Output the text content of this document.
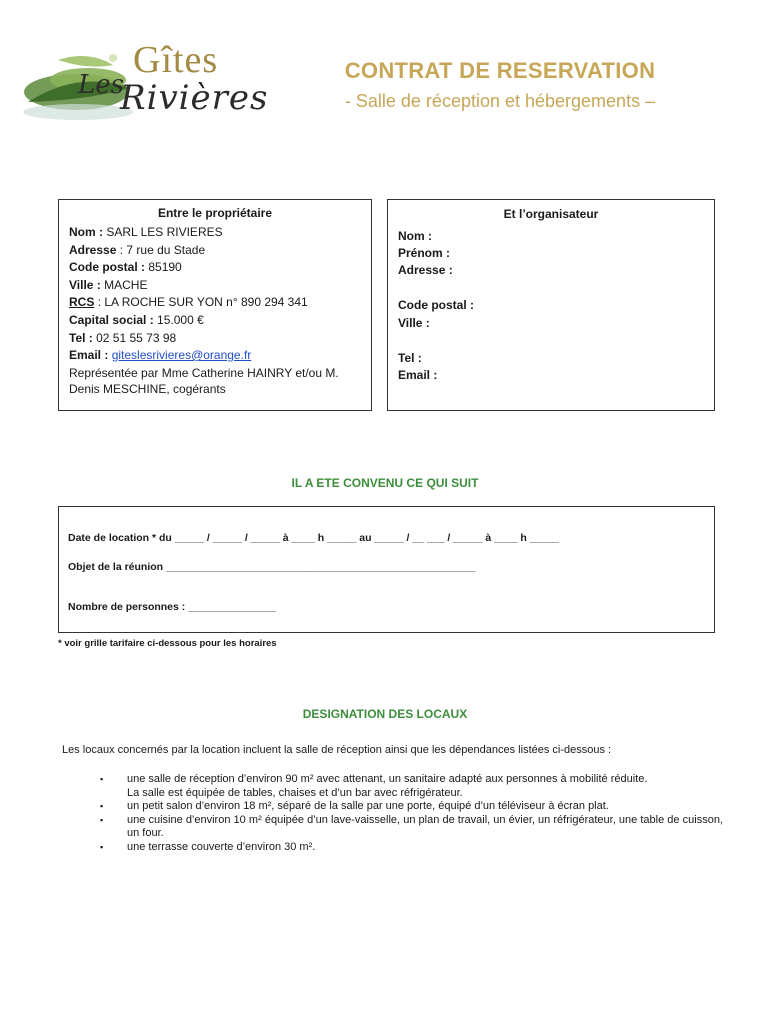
Gîtes
Les
Rivières
CONTRAT DE RESERVATION
- Salle de réception et hébergements –
Entre le propriétaire
Nom : SARL LES RIVIERES
Adresse : 7 rue du Stade
Code postal : 85190
Ville : MACHE
RCS : LA ROCHE SUR YON n° 890 294 341
Capital social : 15.000 €
Tel : 02 51 55 73 98
Email : giteslesrivieres@orange.fr
Représentée par Mme Catherine HAINRY et/ou M. Denis MESCHINE, cogérants
Et l’organisateur
Nom :
Prénom :
Adresse :
Code postal :
Ville :
Tel :
Email :
IL A ETE CONVENU CE QUI SUIT
Date de location * du _____ / _____ / _____ à ____ h _____ au _____ / __ ___ / _____ à ____ h _____
Objet de la réunion _____________________________________________________
Nombre de personnes : _______________
* voir grille tarifaire ci-dessous pour les horaires
DESIGNATION DES LOCAUX
Les locaux concernés par la location incluent la salle de réception ainsi que les dépendances listées ci-dessous :
▪ une salle de réception d’environ 90 m² avec attenant, un sanitaire adapté aux personnes à mobilité réduite.
La salle est équipée de tables, chaises et d’un bar avec réfrigérateur.
▪ un petit salon d’environ 18 m², séparé de la salle par une porte, équipé d’un téléviseur à écran plat.
▪ une cuisine d’environ 10 m² équipée d’un lave-vaisselle, un plan de travail, un évier, un réfrigérateur, une table de cuisson, un four.
▪ une terrasse couverte d’environ 30 m².
